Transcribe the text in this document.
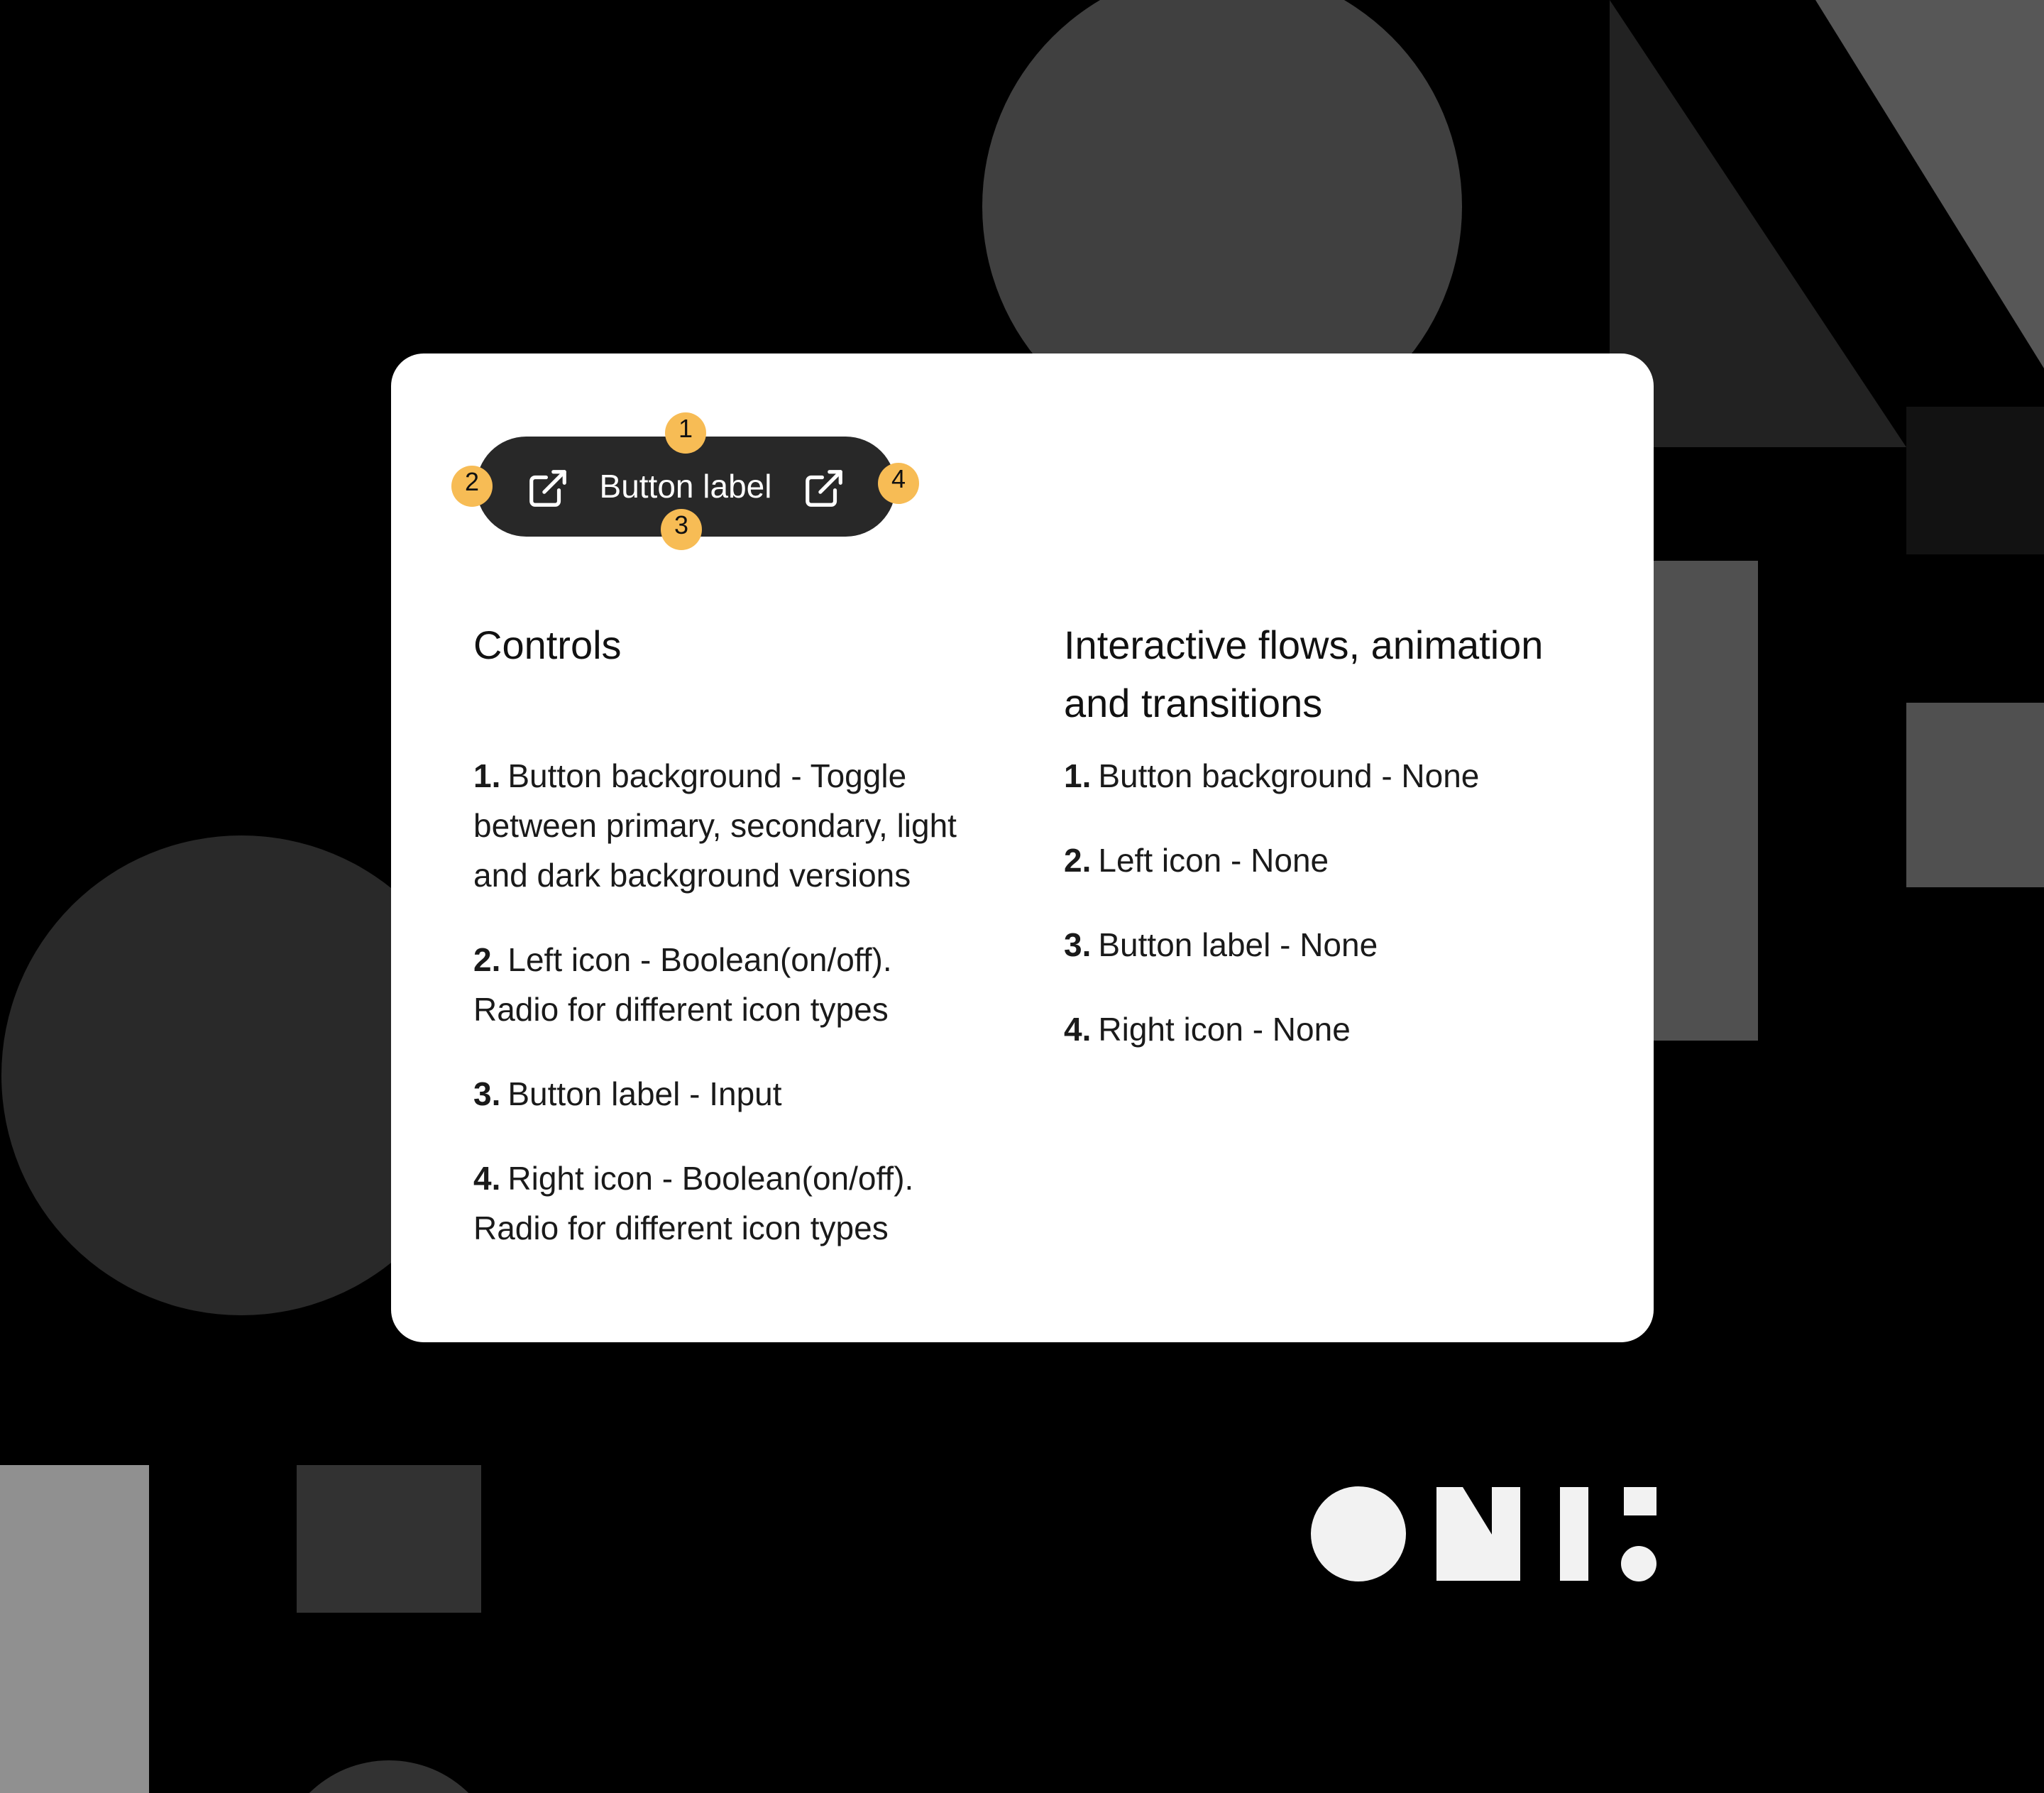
Button label
1
2
3
4
Controls
1. Button background - Toggle between primary, secondary, light and dark background versions
2. Left icon - Boolean(on/off). Radio for different icon types
3. Button label - Input
4. Right icon - Boolean(on/off). Radio for different icon types
Interactive flows, animation and transitions
1. Button background - None
2. Left icon - None
3. Button label - None
4. Right icon - None
